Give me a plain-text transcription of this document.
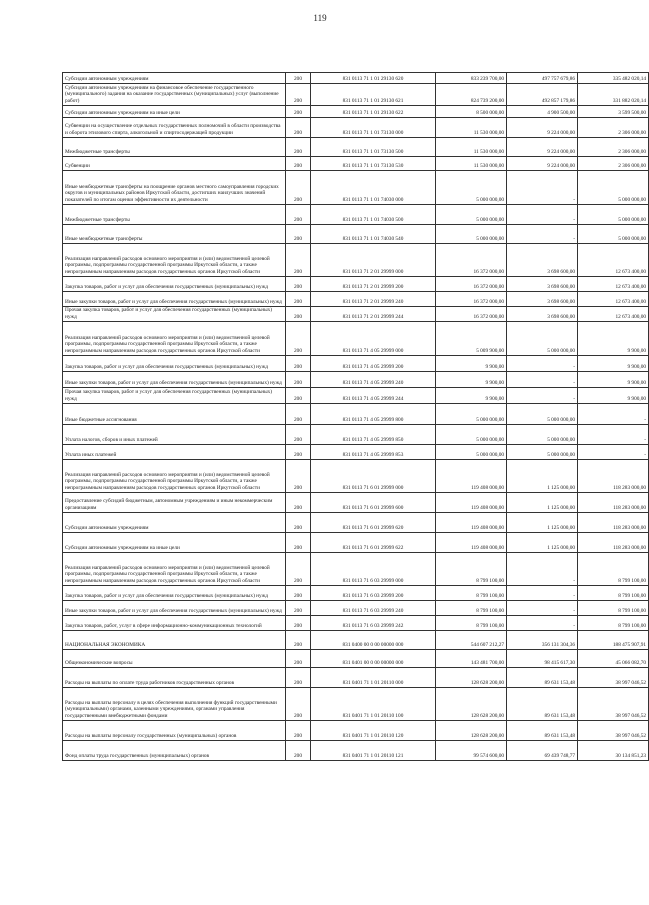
119
Субсидии автономным учреждениям	200	831 0113 71 1 01 29130 620	833 239 700,00	497 757 679,86	335 482 020,14
Субсидии автономным учреждениям на финансовое обеспечение государственного (муниципального) задания на оказание государственных (муниципальных) услуг (выполнение работ)	200	831 0113 71 1 01 29130 621	824 739 200,00	492 857 179,86	331 882 020,14
Субсидии автономным учреждениям на иные цели	200	831 0113 71 1 01 29130 622	8 500 000,00	4 900 500,00	3 599 500,00
Субвенции на осуществление отдельных государственных полномочий в области производства и оборота этилового спирта, алкогольной и спиртосодержащей продукции	200	831 0113 71 1 01 73130 000	11 530 000,00	9 224 000,00	2 306 000,00
Межбюджетные трансферты	200	831 0113 71 1 01 73130 500	11 530 000,00	9 224 000,00	2 306 000,00
Субвенции	200	831 0113 71 1 01 73130 530	11 530 000,00	9 224 000,00	2 306 000,00
Иные межбюджетные трансферты на поощрение органов местного самоуправления городских округов и муниципальных районов Иркутской области, достигших наилучших значений показателей по итогам оценки эффективности их деятельности	200	831 0113 71 1 01 74030 000	5 000 000,00	-	5 000 000,00
Межбюджетные трансферты	200	831 0113 71 1 01 74030 500	5 000 000,00	-	5 000 000,00
Иные межбюджетные трансферты	200	831 0113 71 1 01 74030 540	5 000 000,00	-	5 000 000,00
Реализация направлений расходов основного мероприятия и (или) ведомственной целевой программы, подпрограммы государственной программы Иркутской области, а также непрограммным направлениям расходов государственных органов Иркутской области	200	831 0113 71 2 01 29999 000	16 372 000,00	3 698 600,00	12 673 400,00
Закупка товаров, работ и услуг для обеспечения государственных (муниципальных) нужд	200	831 0113 71 2 01 29999 200	16 372 000,00	3 698 600,00	12 673 400,00
Иные закупки товаров, работ и услуг для обеспечения государственных (муниципальных) нужд	200	831 0113 71 2 01 29999 240	16 372 000,00	3 698 600,00	12 673 400,00
Прочая закупка товаров, работ и услуг для обеспечения государственных (муниципальных) нужд	200	831 0113 71 2 01 29999 244	16 372 000,00	3 698 600,00	12 673 400,00
Реализация направлений расходов основного мероприятия и (или) ведомственной целевой программы, подпрограммы государственной программы Иркутской области, а также непрограммным направлениям расходов государственных органов Иркутской области	200	831 0113 71 4 05 29999 000	5 009 900,00	5 000 000,00	9 900,00
Закупка товаров, работ и услуг для обеспечения государственных (муниципальных) нужд	200	831 0113 71 4 05 29999 200	9 900,00	-	9 900,00
Иные закупки товаров, работ и услуг для обеспечения государственных (муниципальных) нужд	200	831 0113 71 4 05 29999 240	9 900,00	-	9 900,00
Прочая закупка товаров, работ и услуг для обеспечения государственных (муниципальных) нужд	200	831 0113 71 4 05 29999 244	9 900,00	-	9 900,00
Иные бюджетные ассигнования	200	831 0113 71 4 05 29999 800	5 000 000,00	5 000 000,00	-
Уплата налогов, сборов и иных платежей	200	831 0113 71 4 05 29999 850	5 000 000,00	5 000 000,00	-
Уплата иных платежей	200	831 0113 71 4 05 29999 853	5 000 000,00	5 000 000,00	-
Реализация направлений расходов основного мероприятия и (или) ведомственной целевой программы, подпрограммы государственной программы Иркутской области, а также непрограммным направлениям расходов государственных органов Иркутской области	200	831 0113 71 6 01 29999 000	119 408 000,00	1 125 000,00	118 283 000,00
Предоставление субсидий бюджетным, автономным учреждениям и иным некоммерческим организациям	200	831 0113 71 6 01 29999 600	119 408 000,00	1 125 000,00	118 283 000,00
Субсидии автономным учреждениям	200	831 0113 71 6 01 29999 620	119 408 000,00	1 125 000,00	118 283 000,00
Субсидии автономным учреждениям на иные цели	200	831 0113 71 6 01 29999 622	119 408 000,00	1 125 000,00	118 283 000,00
Реализация направлений расходов основного мероприятия и (или) ведомственной целевой программы, подпрограммы государственной программы Иркутской области, а также непрограммным направлениям расходов государственных органов Иркутской области	200	831 0113 71 6 03 29999 000	8 799 100,00	-	8 799 100,00
Закупка товаров, работ и услуг для обеспечения государственных (муниципальных) нужд	200	831 0113 71 6 03 29999 200	8 799 100,00	-	8 799 100,00
Иные закупки товаров, работ и услуг для обеспечения государственных (муниципальных) нужд	200	831 0113 71 6 03 29999 240	8 799 100,00	-	8 799 100,00
Закупка товаров, работ, услуг в сфере информационно-коммуникационных технологий	200	831 0113 71 6 03 29999 242	8 799 100,00	-	8 799 100,00
НАЦИОНАЛЬНАЯ ЭКОНОМИКА	200	831 0400 00 0 00 00000 000	544 607 212,27	356 131 304,36	188 475 907,91
Общеэкономические вопросы	200	831 0401 00 0 00 00000 000	143 481 700,00	98 415 617,30	45 066 082,70
Расходы на выплаты по оплате труда работников государственных органов	200	831 0401 71 1 01 20110 000	128 628 200,00	89 631 153,48	38 997 046,52
Расходы на выплаты персоналу в целях обеспечения выполнения функций государственными (муниципальными) органами, казенными учреждениями, органами управления государственными внебюджетными фондами	200	831 0401 71 1 01 20110 100	128 628 200,00	89 631 153,48	38 997 046,52
Расходы на выплаты персоналу государственных (муниципальных) органов	200	831 0401 71 1 01 20110 120	128 628 200,00	89 631 153,48	38 997 046,52
Фонд оплаты труда государственных (муниципальных) органов	200	831 0401 71 1 01 20110 121	99 574 600,00	69 439 748,77	30 134 851,23
